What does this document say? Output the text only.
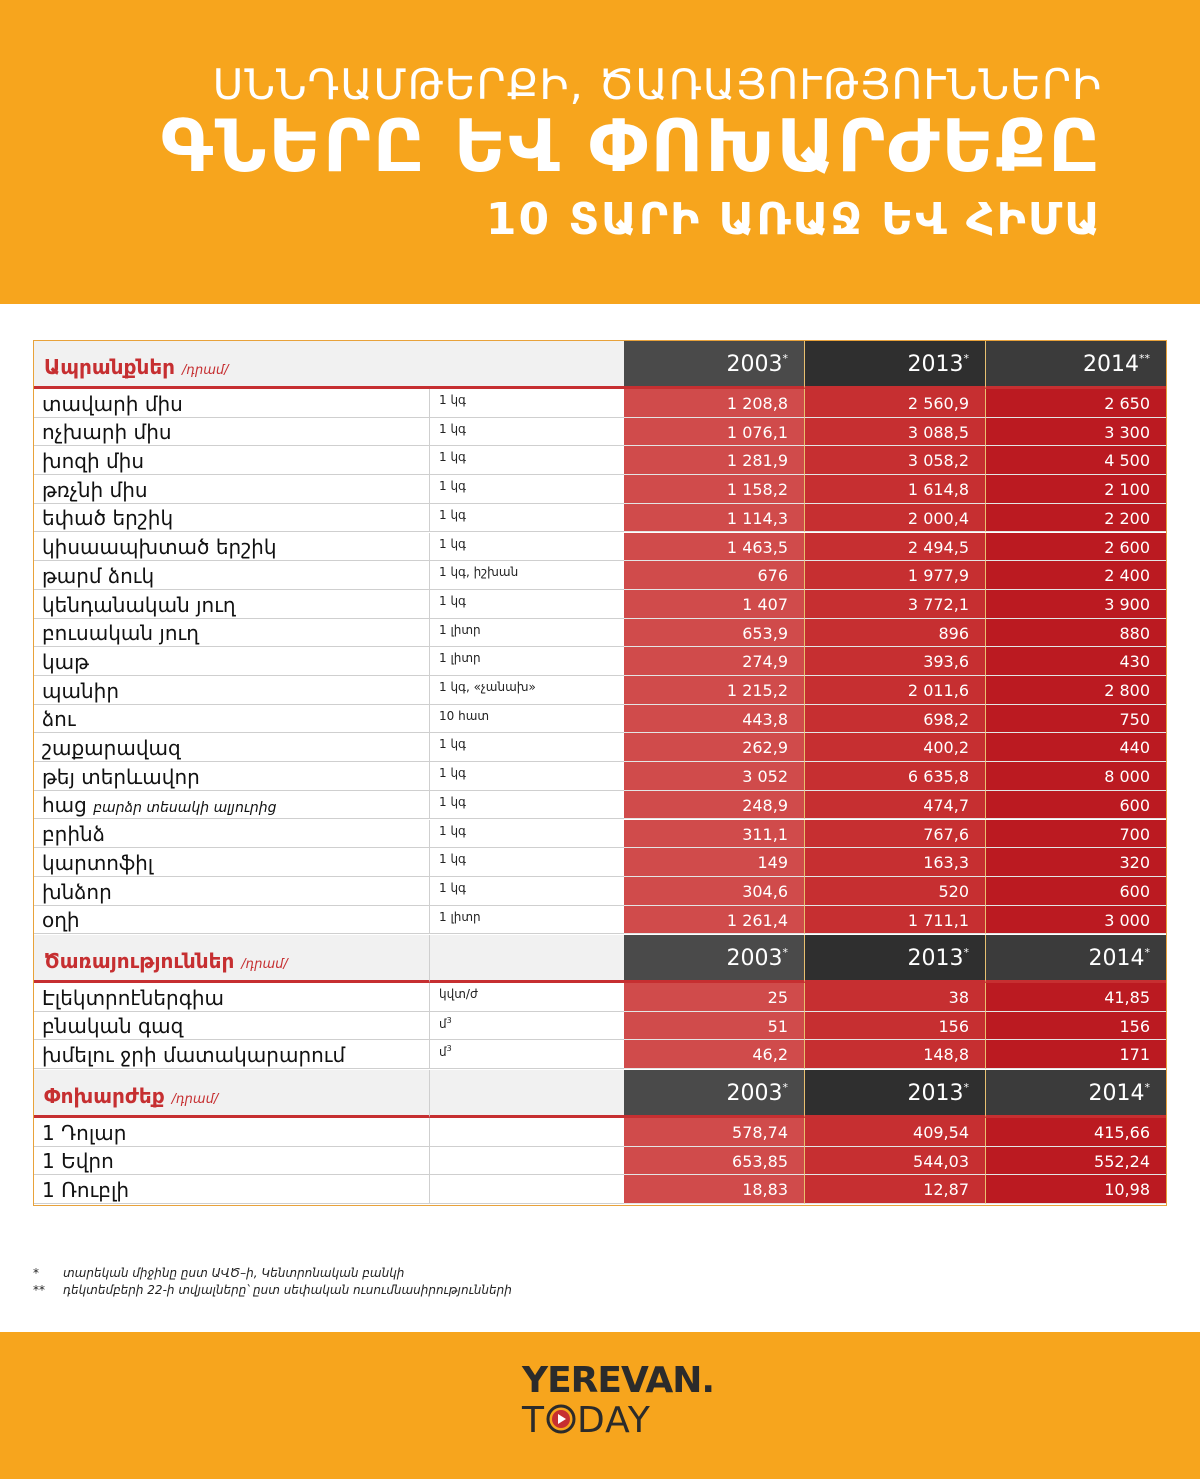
ՍՆՆԴԱՄԹԵՐՔԻ, ԾԱՌԱՅՈՒԹՅՈՒՆՆԵՐԻ
ԳՆԵՐԸ ԵՎ ՓՈԽԱՐԺԵՔԸ
10 ՏԱՐԻ ԱՌԱՋ ԵՎ ՀԻՄԱ
Ապրանքներ /դրամ/	2003*	2013*	2014**
տավարի միս	1 կգ	1 208,8	2 560,9	2 650
ոչխարի միս	1 կգ	1 076,1	3 088,5	3 300
խոզի միս	1 կգ	1 281,9	3 058,2	4 500
թռչնի միս	1 կգ	1 158,2	1 614,8	2 100
եփած երշիկ	1 կգ	1 114,3	2 000,4	2 200
կիսաապխտած երշիկ	1 կգ	1 463,5	2 494,5	2 600
թարմ ձուկ	1 կգ, իշխան	676	1 977,9	2 400
կենդանական յուղ	1 կգ	1 407	3 772,1	3 900
բուսական յուղ	1 լիտր	653,9	896	880
կաթ	1 լիտր	274,9	393,6	430
պանիր	1 կգ, «չանախ»	1 215,2	2 011,6	2 800
ձու	10 հատ	443,8	698,2	750
շաքարավազ	1 կգ	262,9	400,2	440
թեյ տերևավոր	1 կգ	3 052	6 635,8	8 000
հաց բարձր տեսակի ալյուրից	1 կգ	248,9	474,7	600
բրինձ	1 կգ	311,1	767,6	700
կարտոֆիլ	1 կգ	149	163,3	320
խնձոր	1 կգ	304,6	520	600
օղի	1 լիտր	1 261,4	1 711,1	3 000
Ծառայություններ /դրամ/	2003*	2013*	2014*
Էլեկտրոէներգիա	կվտ/ժ	25	38	41,85
բնական գազ	մ$^3$	51	156	156
խմելու ջրի մատակարարում	մ$^3$	46,2	148,8	171
Փոխարժեք /դրամ/	2003*	2013*	2014*
1 Դոլար	578,74	409,54	415,66
1 Եվրո	653,85	544,03	552,24
1 Ռուբլի	18,83	12,87	10,98
* տարեկան միջինը ըստ ԱՎԾ–ի, Կենտրոնական բանկի
** դեկտեմբերի 22-ի տվյալները՝ ըստ սեփական ուսումնասիրությունների
YEREVAN.
T DAY
